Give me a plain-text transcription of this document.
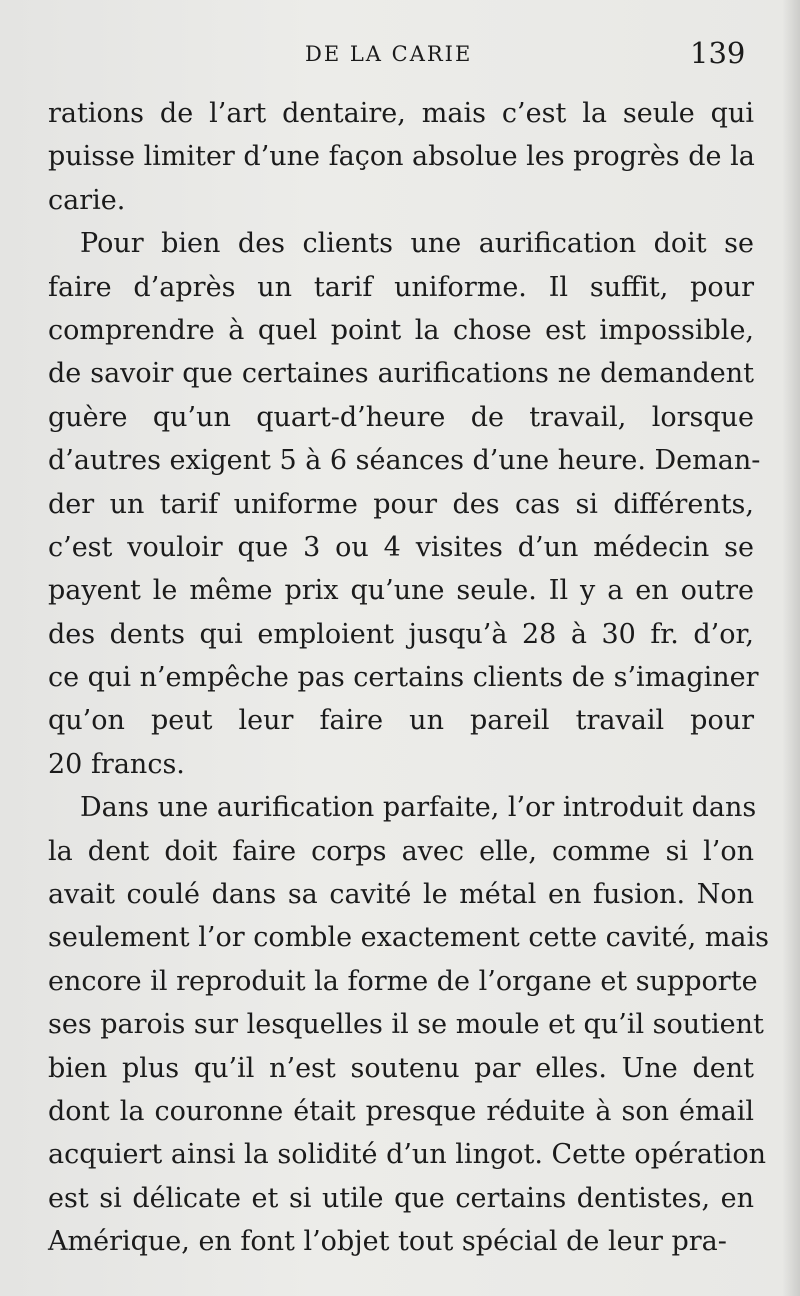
DE LA CARIE	139
rations de l’art dentaire, mais c’est la seule qui
puisse limiter d’une façon absolue les progrès de la
carie.
Pour bien des clients une aurification doit se
faire d’après un tarif uniforme. Il suffit, pour
comprendre à quel point la chose est impossible,
de savoir que certaines aurifications ne demandent
guère qu’un quart-d’heure de travail, lorsque
d’autres exigent 5 à 6 séances d’une heure. Deman-
der un tarif uniforme pour des cas si différents,
c’est vouloir que 3 ou 4 visites d’un médecin se
payent le même prix qu’une seule. Il y a en outre
des dents qui emploient jusqu’à 28 à 30 fr. d’or,
ce qui n’empêche pas certains clients de s’imaginer
qu’on peut leur faire un pareil travail pour
20 francs.
Dans une aurification parfaite, l’or introduit dans
la dent doit faire corps avec elle, comme si l’on
avait coulé dans sa cavité le métal en fusion. Non
seulement l’or comble exactement cette cavité, mais
encore il reproduit la forme de l’organe et supporte
ses parois sur lesquelles il se moule et qu’il soutient
bien plus qu’il n’est soutenu par elles. Une dent
dont la couronne était presque réduite à son émail
acquiert ainsi la solidité d’un lingot. Cette opération
est si délicate et si utile que certains dentistes, en
Amérique, en font l’objet tout spécial de leur pra-
